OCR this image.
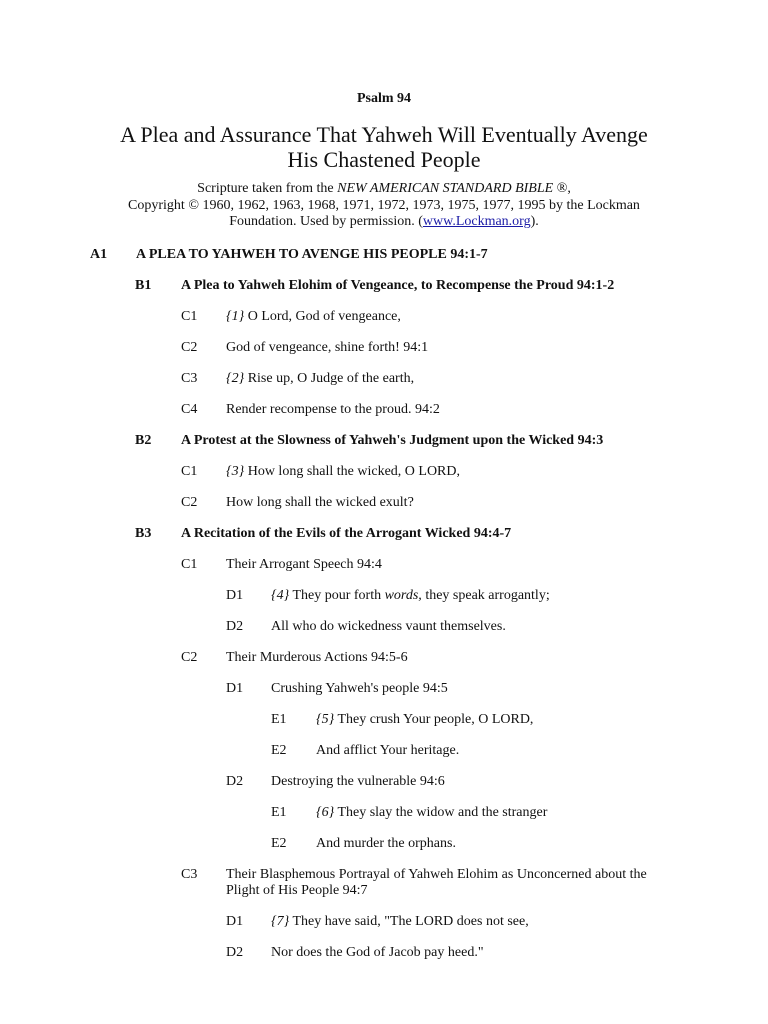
Psalm 94
A Plea and Assurance That Yahweh Will Eventually Avenge
His Chastened People
Scripture taken from the NEW AMERICAN STANDARD BIBLE ®,
Copyright © 1960, 1962, 1963, 1968, 1971, 1972, 1973, 1975, 1977, 1995 by the Lockman
Foundation. Used by permission. (www.Lockman.org).
A1 A PLEA TO YAHWEH TO AVENGE HIS PEOPLE 94:1-7
B1 A Plea to Yahweh Elohim of Vengeance, to Recompense the Proud 94:1-2
C1 {1} O Lord, God of vengeance,
C2 God of vengeance, shine forth! 94:1
C3 {2} Rise up, O Judge of the earth,
C4 Render recompense to the proud. 94:2
B2 A Protest at the Slowness of Yahweh's Judgment upon the Wicked 94:3
C1 {3} How long shall the wicked, O LORD,
C2 How long shall the wicked exult?
B3 A Recitation of the Evils of the Arrogant Wicked 94:4-7
C1 Their Arrogant Speech 94:4
D1 {4} They pour forth words, they speak arrogantly;
D2 All who do wickedness vaunt themselves.
C2 Their Murderous Actions 94:5-6
D1 Crushing Yahweh's people 94:5
E1 {5} They crush Your people, O LORD,
E2 And afflict Your heritage.
D2 Destroying the vulnerable 94:6
E1 {6} They slay the widow and the stranger
E2 And murder the orphans.
C3 Their Blasphemous Portrayal of Yahweh Elohim as Unconcerned about the Plight of His People 94:7
D1 {7} They have said, "The LORD does not see,
D2 Nor does the God of Jacob pay heed."
